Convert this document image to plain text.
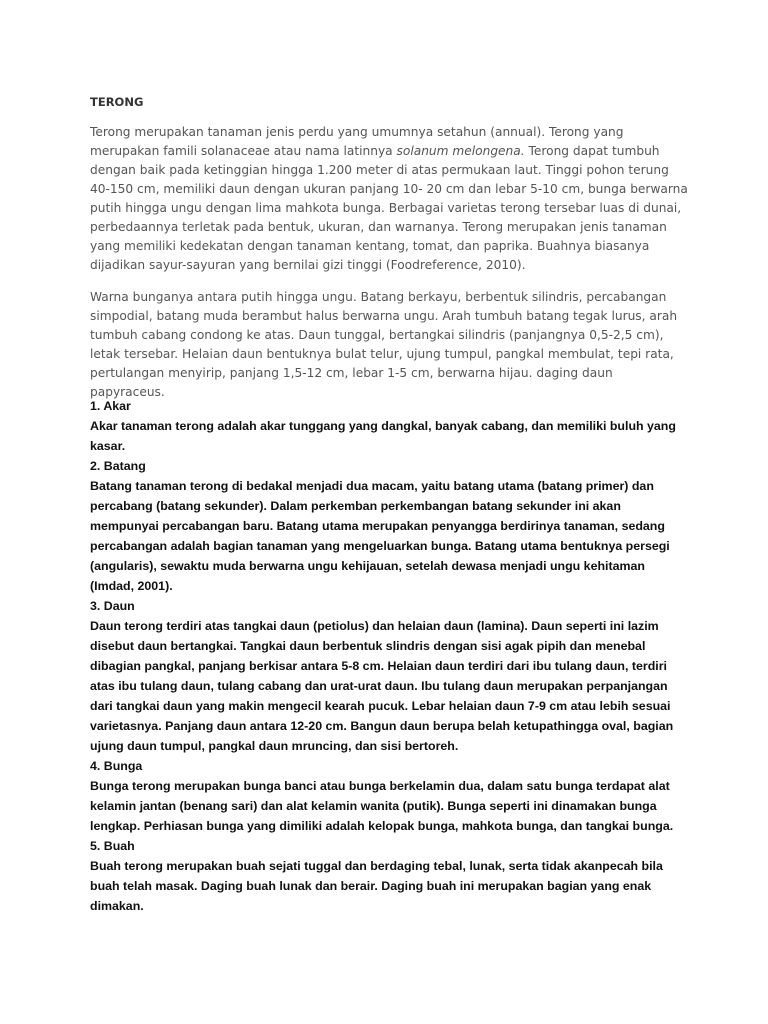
TERONG

Terong merupakan tanaman jenis perdu yang umumnya setahun (annual). Terong yang merupakan famili solanaceae atau nama latinnya solanum melongena. Terong dapat tumbuh dengan baik pada ketinggian hingga 1.200 meter di atas permukaan laut. Tinggi pohon terung 40-150 cm, memiliki daun dengan ukuran panjang 10- 20 cm dan lebar 5-10 cm, bunga berwarna putih hingga ungu dengan lima mahkota bunga. Berbagai varietas terong tersebar luas di dunai, perbedaannya terletak pada bentuk, ukuran, dan warnanya. Terong merupakan jenis tanaman yang memiliki kedekatan dengan tanaman kentang, tomat, dan paprika. Buahnya biasanya dijadikan sayur-sayuran yang bernilai gizi tinggi (Foodreference, 2010).

Warna bunganya antara putih hingga ungu. Batang berkayu, berbentuk silindris, percabangan simpodial, batang muda berambut halus berwarna ungu. Arah tumbuh batang tegak lurus, arah tumbuh cabang condong ke atas. Daun tunggal, bertangkai silindris (panjangnya 0,5-2,5 cm), letak tersebar. Helaian daun bentuknya bulat telur, ujung tumpul, pangkal membulat, tepi rata, pertulangan menyirip, panjang 1,5-12 cm, lebar 1-5 cm, berwarna hijau. daging daun papyraceus.

1. Akar

Akar tanaman terong adalah akar tunggang yang dangkal, banyak cabang, dan memiliki buluh yang kasar.

2. Batang

Batang tanaman terong di bedakal menjadi dua macam, yaitu batang utama (batang primer) dan percabang (batang sekunder). Dalam perkemban perkembangan batang sekunder ini akan mempunyai percabangan baru. Batang utama merupakan penyangga berdirinya tanaman, sedang percabangan adalah bagian tanaman yang mengeluarkan bunga. Batang utama bentuknya persegi (angularis), sewaktu muda berwarna ungu kehijauan, setelah dewasa menjadi ungu kehitaman (Imdad, 2001).

3. Daun

Daun terong terdiri atas tangkai daun (petiolus) dan helaian daun (lamina). Daun seperti ini lazim disebut daun bertangkai. Tangkai daun berbentuk slindris dengan sisi agak pipih dan menebal dibagian pangkal, panjang berkisar antara 5-8 cm. Helaian daun terdiri dari ibu tulang daun, terdiri atas ibu tulang daun, tulang cabang dan urat-urat daun. Ibu tulang daun merupakan perpanjangan dari tangkai daun yang makin mengecil kearah pucuk. Lebar helaian daun 7-9 cm atau lebih sesuai varietasnya. Panjang daun antara 12-20 cm. Bangun daun berupa belah ketupathingga oval, bagian ujung daun tumpul, pangkal daun mruncing, dan sisi bertoreh.

4. Bunga

Bunga terong merupakan bunga banci atau bunga berkelamin dua, dalam satu bunga terdapat alat kelamin jantan (benang sari) dan alat kelamin wanita (putik). Bunga seperti ini dinamakan bunga lengkap. Perhiasan bunga yang dimiliki adalah kelopak bunga, mahkota bunga, dan tangkai bunga.

5. Buah

Buah terong merupakan buah sejati tuggal dan berdaging tebal, lunak, serta tidak akanpecah bila buah telah masak. Daging buah lunak dan berair. Daging buah ini merupakan bagian yang enak dimakan.
